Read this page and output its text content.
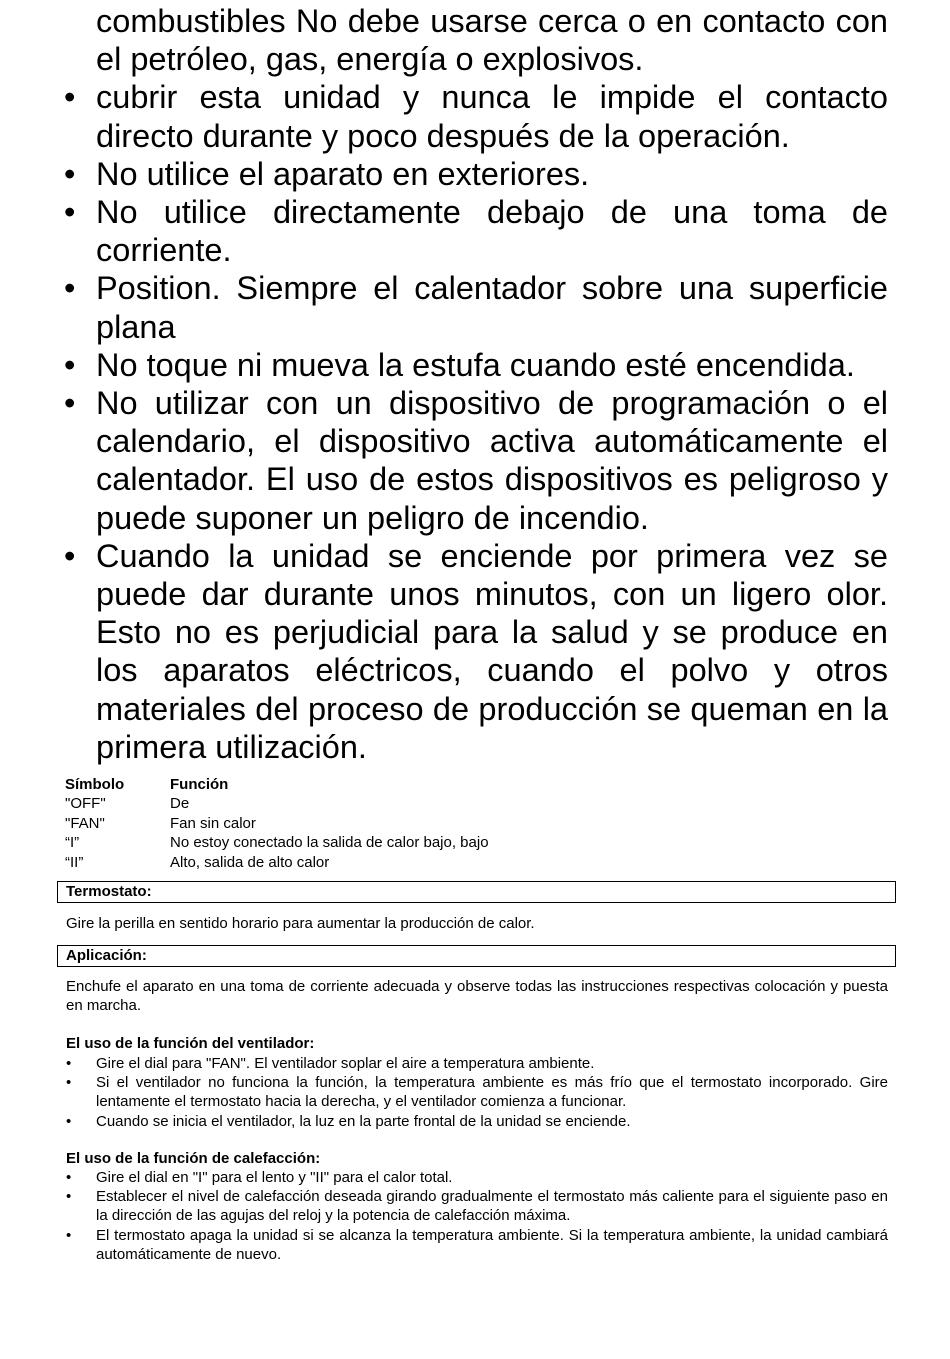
combustibles No debe usarse cerca o en contacto con el petróleo, gas, energía o explosivos.
• cubrir esta unidad y nunca le impide el contacto directo durante y poco después de la operación.
• No utilice el aparato en exteriores.
• No utilice directamente debajo de una toma de corriente.
• Position. Siempre el calentador sobre una superficie plana
• No toque ni mueva la estufa cuando esté encendida.
• No utilizar con un dispositivo de programación o el calendario, el dispositivo activa automáticamente el calentador. El uso de estos dispositivos es peligroso y puede suponer un peligro de incendio.
• Cuando la unidad se enciende por primera vez se puede dar durante unos minutos, con un ligero olor. Esto no es perjudicial para la salud y se produce en los aparatos eléctricos, cuando el polvo y otros materiales del proceso de producción se queman en la primera utilización.
Símbolo	Función
"OFF"	De
"FAN"	Fan sin calor
“I”	No estoy conectado la salida de calor bajo, bajo
“II”	Alto, salida de alto calor
Termostato:
Gire la perilla en sentido horario para aumentar la producción de calor.
Aplicación:
Enchufe el aparato en una toma de corriente adecuada y observe todas las instrucciones respectivas colocación y puesta en marcha.
El uso de la función del ventilador:
• Gire el dial para "FAN". El ventilador soplar el aire a temperatura ambiente.
• Si el ventilador no funciona la función, la temperatura ambiente es más frío que el termostato incorporado. Gire lentamente el termostato hacia la derecha, y el ventilador comienza a funcionar.
• Cuando se inicia el ventilador, la luz en la parte frontal de la unidad se enciende.
El uso de la función de calefacción:
• Gire el dial en "I" para el lento y "II" para el calor total.
• Establecer el nivel de calefacción deseada girando gradualmente el termostato más caliente para el siguiente paso en la dirección de las agujas del reloj y la potencia de calefacción máxima.
• El termostato apaga la unidad si se alcanza la temperatura ambiente. Si la temperatura ambiente, la unidad cambiará automáticamente de nuevo.
